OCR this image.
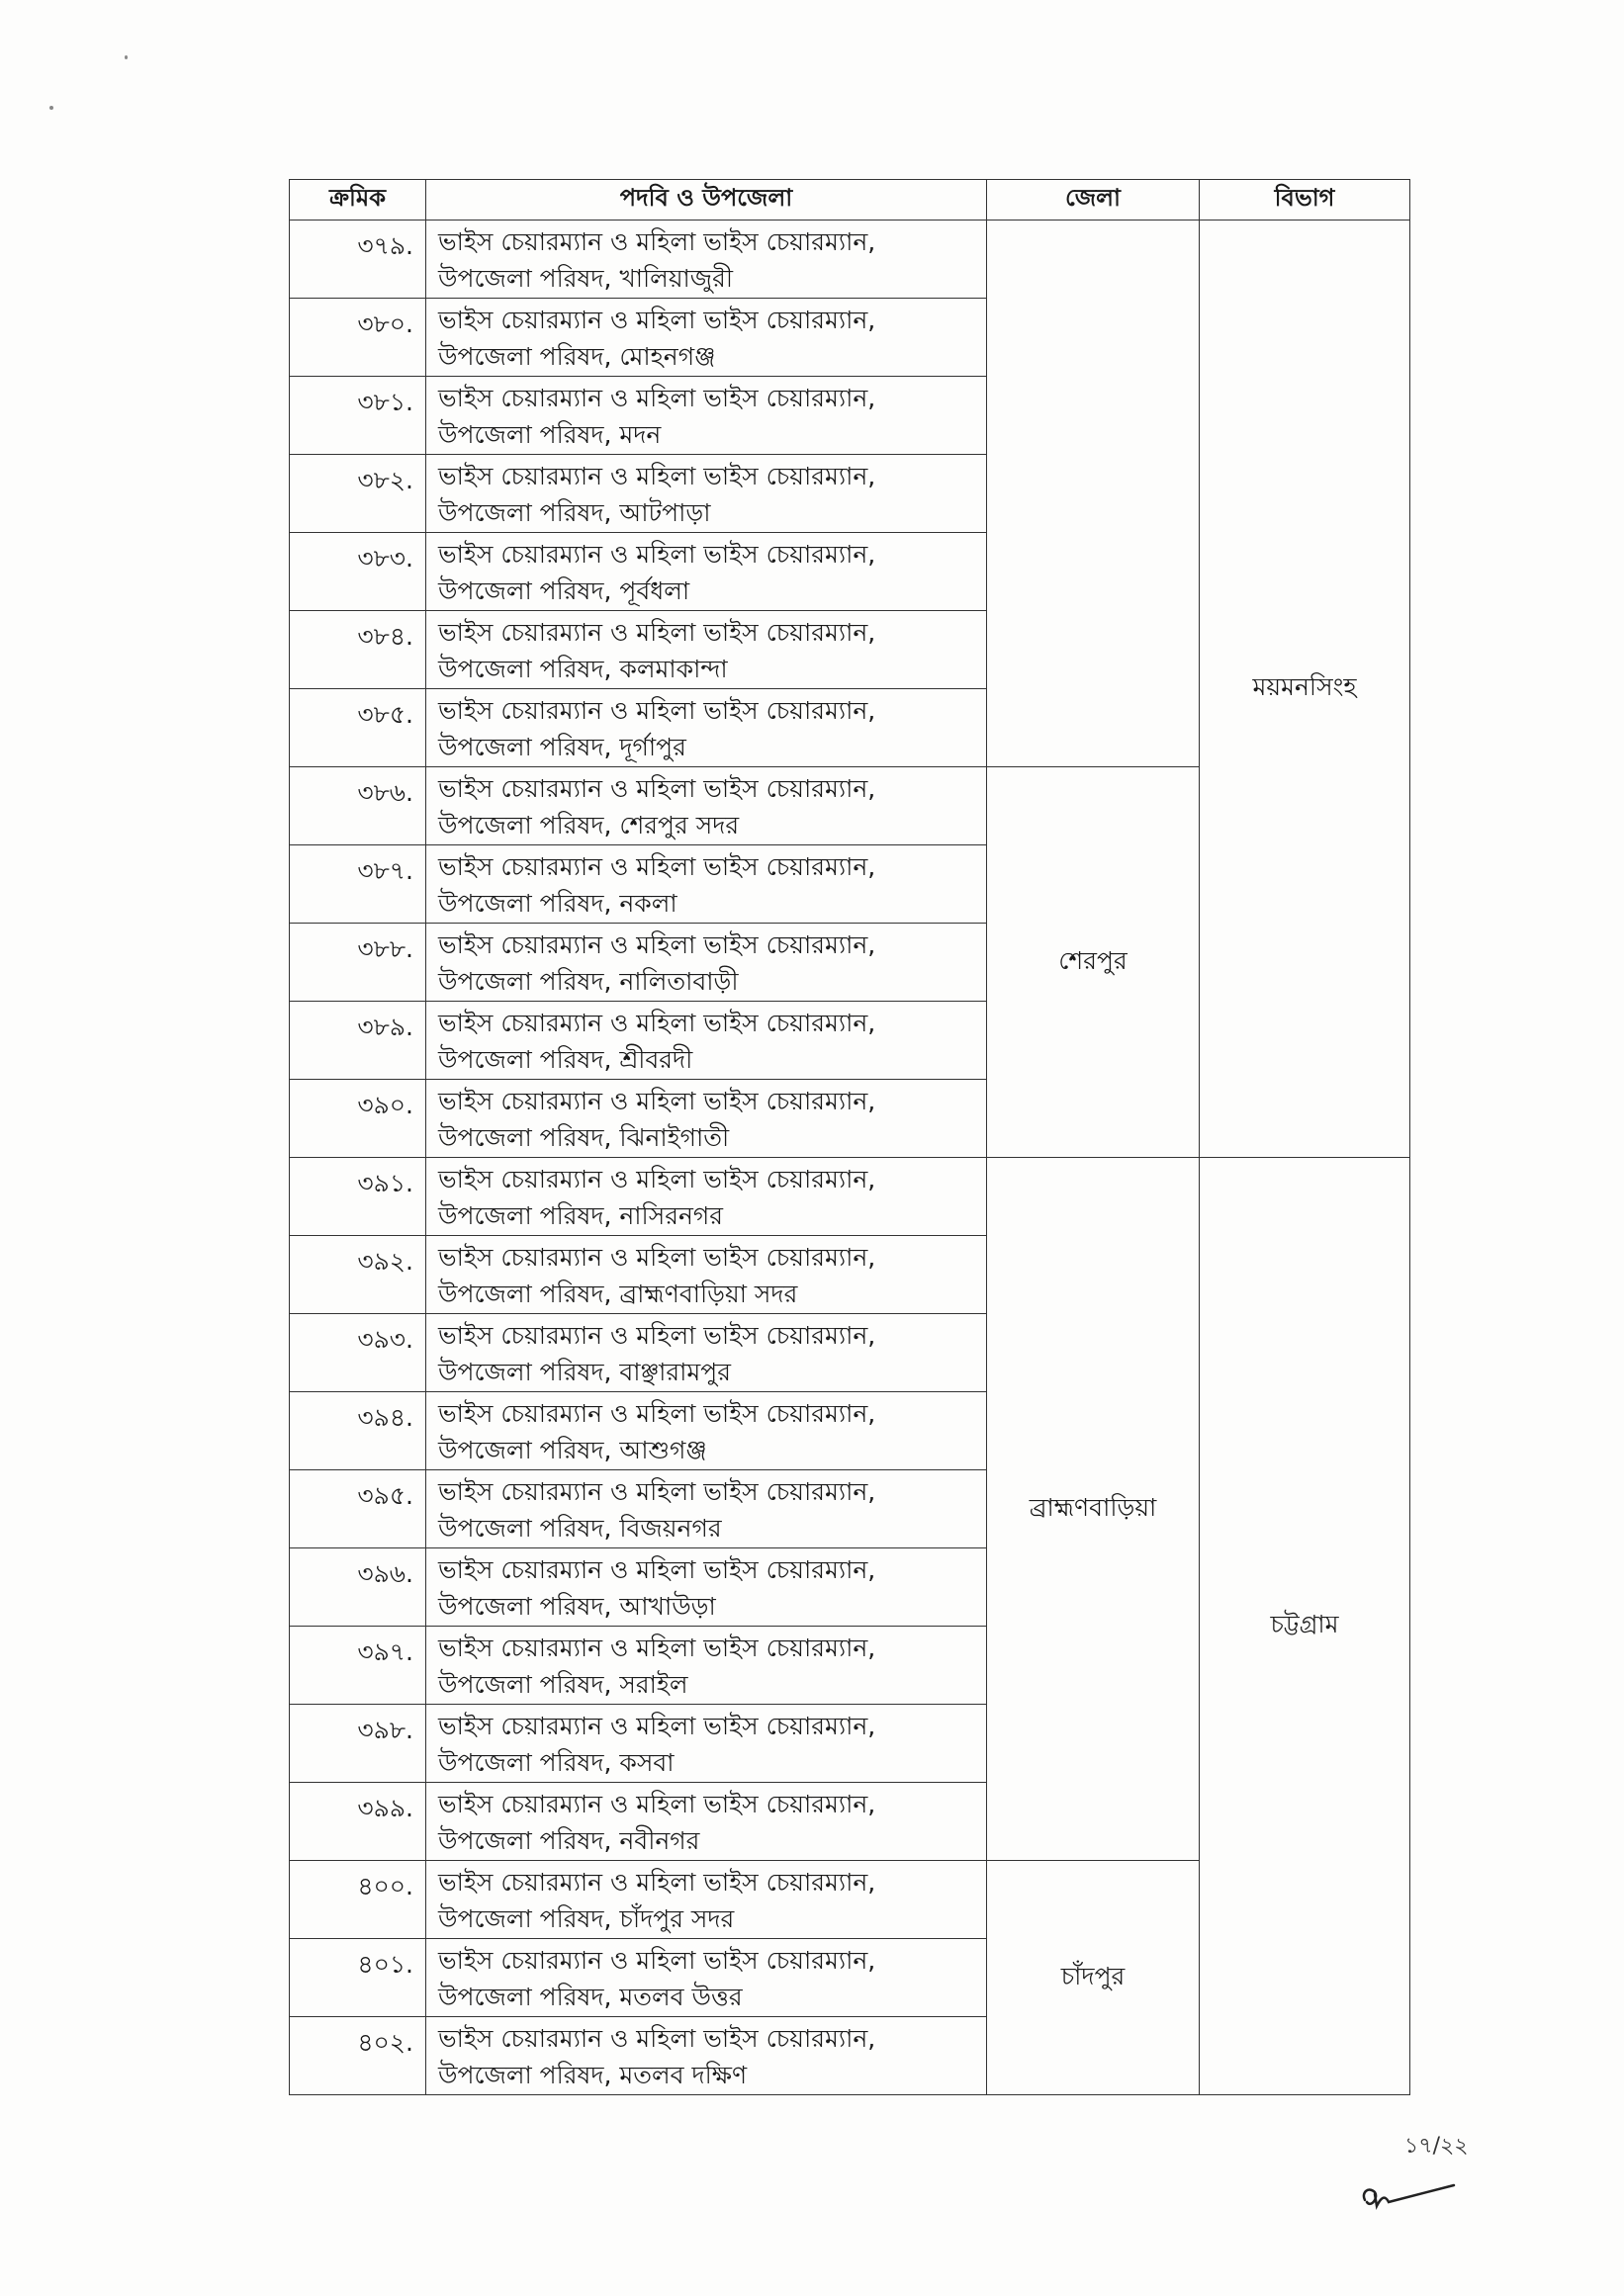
ক্রমিক	পদবি ও উপজেলা	জেলা	বিভাগ
৩৭৯.	ভাইস চেয়ারম্যান ও মহিলা ভাইস চেয়ারম্যান,
উপজেলা পরিষদ, খালিয়াজুরী		ময়মনসিংহ
৩৮০.	ভাইস চেয়ারম্যান ও মহিলা ভাইস চেয়ারম্যান,
উপজেলা পরিষদ, মোহনগঞ্জ		

৩৮১.	ভাইস চেয়ারম্যান ও মহিলা ভাইস চেয়ারম্যান,
উপজেলা পরিষদ, মদন		

৩৮২.	ভাইস চেয়ারম্যান ও মহিলা ভাইস চেয়ারম্যান,
উপজেলা পরিষদ, আটপাড়া		

৩৮৩.	ভাইস চেয়ারম্যান ও মহিলা ভাইস চেয়ারম্যান,
উপজেলা পরিষদ, পূর্বধলা		

৩৮৪.	ভাইস চেয়ারম্যান ও মহিলা ভাইস চেয়ারম্যান,
উপজেলা পরিষদ, কলমাকান্দা		

৩৮৫.	ভাইস চেয়ারম্যান ও মহিলা ভাইস চেয়ারম্যান,
উপজেলা পরিষদ, দূর্গাপুর		

৩৮৬.	ভাইস চেয়ারম্যান ও মহিলা ভাইস চেয়ারম্যান,
উপজেলা পরিষদ, শেরপুর সদর	শেরপুর	
৩৮৭.	ভাইস চেয়ারম্যান ও মহিলা ভাইস চেয়ারম্যান,
উপজেলা পরিষদ, নকলা		

৩৮৮.	ভাইস চেয়ারম্যান ও মহিলা ভাইস চেয়ারম্যান,
উপজেলা পরিষদ, নালিতাবাড়ী		

৩৮৯.	ভাইস চেয়ারম্যান ও মহিলা ভাইস চেয়ারম্যান,
উপজেলা পরিষদ, শ্রীবরদী		

৩৯০.	ভাইস চেয়ারম্যান ও মহিলা ভাইস চেয়ারম্যান,
উপজেলা পরিষদ, ঝিনাইগাতী		

৩৯১.	ভাইস চেয়ারম্যান ও মহিলা ভাইস চেয়ারম্যান,
উপজেলা পরিষদ, নাসিরনগর	ব্রাহ্মণবাড়িয়া	চট্টগ্রাম
৩৯২.	ভাইস চেয়ারম্যান ও মহিলা ভাইস চেয়ারম্যান,
উপজেলা পরিষদ, ব্রাহ্মণবাড়িয়া সদর		

৩৯৩.	ভাইস চেয়ারম্যান ও মহিলা ভাইস চেয়ারম্যান,
উপজেলা পরিষদ, বাঞ্ছারামপুর		

৩৯৪.	ভাইস চেয়ারম্যান ও মহিলা ভাইস চেয়ারম্যান,
উপজেলা পরিষদ, আশুগঞ্জ		

৩৯৫.	ভাইস চেয়ারম্যান ও মহিলা ভাইস চেয়ারম্যান,
উপজেলা পরিষদ, বিজয়নগর		

৩৯৬.	ভাইস চেয়ারম্যান ও মহিলা ভাইস চেয়ারম্যান,
উপজেলা পরিষদ, আখাউড়া		

৩৯৭.	ভাইস চেয়ারম্যান ও মহিলা ভাইস চেয়ারম্যান,
উপজেলা পরিষদ, সরাইল		

৩৯৮.	ভাইস চেয়ারম্যান ও মহিলা ভাইস চেয়ারম্যান,
উপজেলা পরিষদ, কসবা		

৩৯৯.	ভাইস চেয়ারম্যান ও মহিলা ভাইস চেয়ারম্যান,
উপজেলা পরিষদ, নবীনগর		

৪০০.	ভাইস চেয়ারম্যান ও মহিলা ভাইস চেয়ারম্যান,
উপজেলা পরিষদ, চাঁদপুর সদর	চাঁদপুর	
৪০১.	ভাইস চেয়ারম্যান ও মহিলা ভাইস চেয়ারম্যান,
উপজেলা পরিষদ, মতলব উত্তর		

৪০২.	ভাইস চেয়ারম্যান ও মহিলা ভাইস চেয়ারম্যান,
উপজেলা পরিষদ, মতলব দক্ষিণ		
১৭/২২
